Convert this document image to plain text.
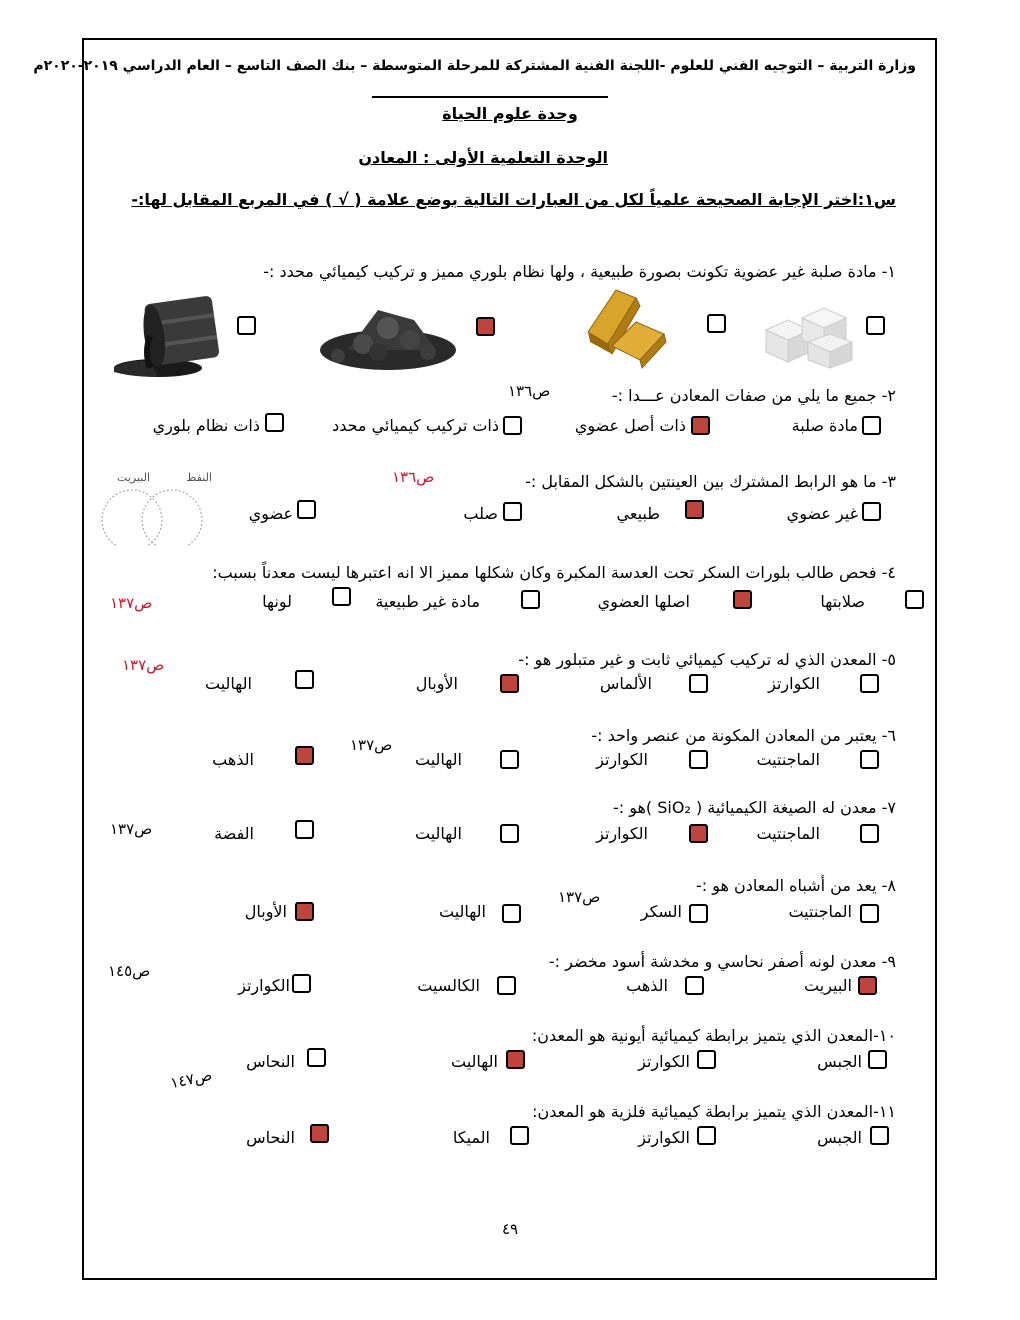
وزارة التربية – التوجيه الفني للعلوم -اللجنة الفنية المشتركة للمرحلة المتوسطة – بنك الصف التاسع – العام الدراسي ٢٠١٩-٢٠٢٠م
وحدة علوم الحياة
الوحدة التعلمية الأولى : المعادن
س١:اختر الإجابة الصحيحة علمياً لكل من العبارات التالية بوضع علامة ( √ ) في المربع المقابل لها:-
١- مادة صلبة غير عضوية تكونت بصورة طبيعية ، ولها نظام بلوري مميز و تركيب كيميائي محدد :-
٢- جميع ما يلي من صفات المعادن عـــدا :-
ص١٣٦
مادة صلبة
ذات أصل عضوي
ذات تركيب كيميائي محدد
ذات نظام بلوري
٣- ما هو الرابط المشترك بين العينتين بالشكل المقابل :-
ص١٣٦
النفط
البيريت
غير عضوي
طبيعي
صلب
عضوي
٤- فحص طالب بلورات السكر تحت العدسة المكبرة وكان شكلها مميز الا انه اعتبرها ليست معدناً بسبب:
صلابتها
اصلها العضوي
مادة غير طبيعية
لونها
ص١٣٧
٥- المعدن الذي له تركيب كيميائي ثابت و غير متبلور هو :-
ص١٣٧
الكوارتز
الألماس
الأوبال
الهاليت
٦- يعتبر من المعادن المكونة من عنصر واحد :-
ص١٣٧
الماجنتيت
الكوارتز
الهاليت
الذهب
٧- معدن له الصيغة الكيميائية ( SiO₂ )هو :-
ص١٣٧	الماجنتيت
الكوارتز
الهاليت
الفضة
٨- يعد من أشباه المعادن هو :-
ص١٣٧
الماجنتيت
السكر
الهاليت
الأوبال
٩- معدن لونه أصفر نحاسي و مخدشة أسود مخضر :-
ص١٤٥
البيريت
الذهب
الكالسيت
الكوارتز
١٠-المعدن الذي يتميز برابطة كيميائية أيونية هو المعدن:
ص١٤٧
الجبس
الكوارتز
الهاليت
النحاس
١١-المعدن الذي يتميز برابطة كيميائية فلزية هو المعدن:
الجبس
الكوارتز
الميكا
النحاس
٤٩
